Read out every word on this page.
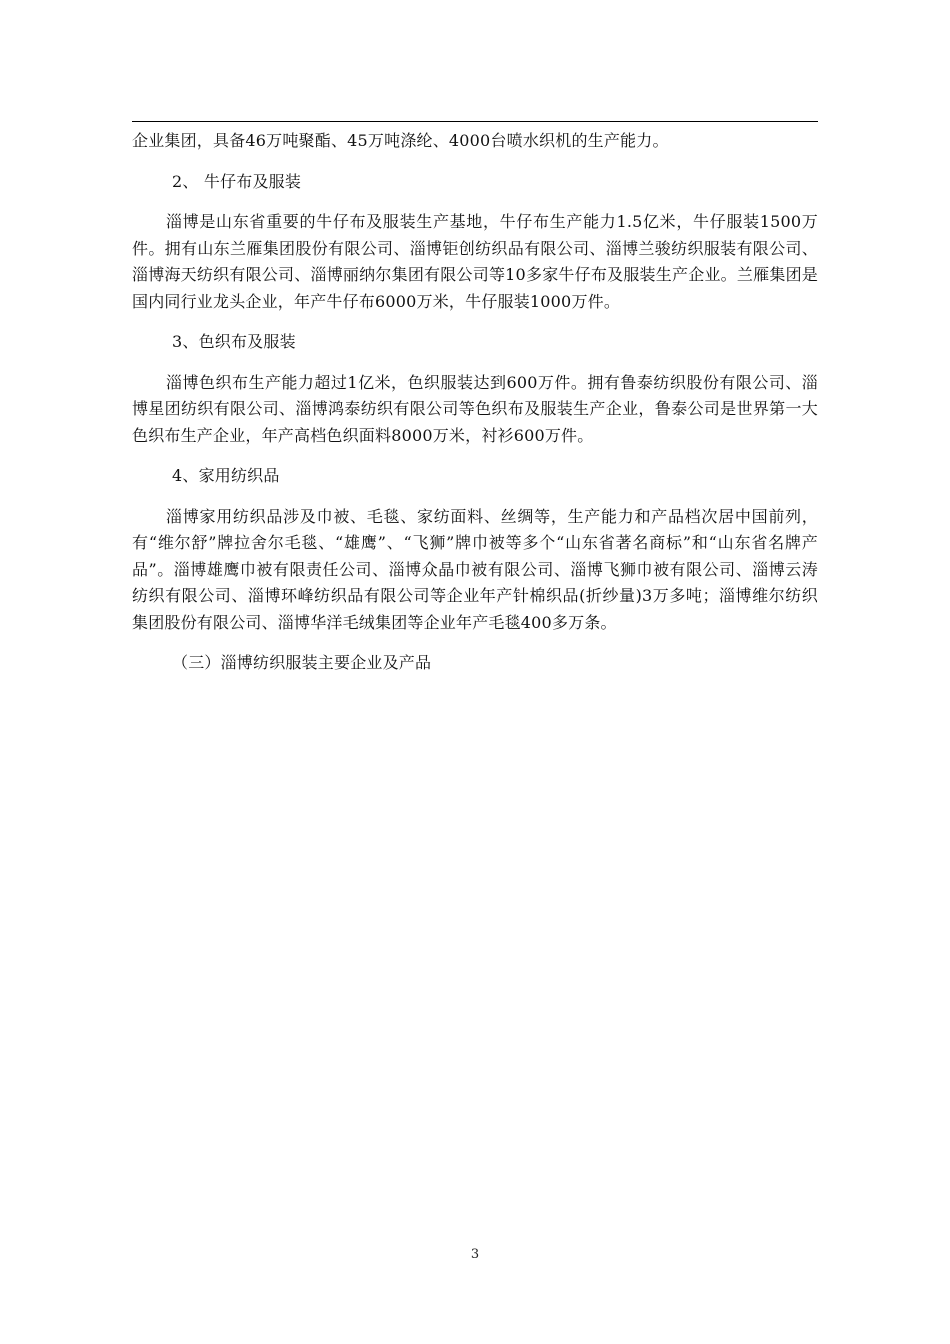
企业集团，具备46万吨聚酯、45万吨涤纶、4000台喷水织机的生产能力。

2、 牛仔布及服装

淄博是山东省重要的牛仔布及服装生产基地，牛仔布生产能力1.5亿米，牛仔服装1500万件。拥有山东兰雁集团股份有限公司、淄博钜创纺织品有限公司、淄博兰骏纺织服装有限公司、淄博海天纺织有限公司、淄博丽纳尔集团有限公司等10多家牛仔布及服装生产企业。兰雁集团是国内同行业龙头企业，年产牛仔布6000万米，牛仔服装1000万件。

3、色织布及服装

淄博色织布生产能力超过1亿米，色织服装达到600万件。拥有鲁泰纺织股份有限公司、淄博星团纺织有限公司、淄博鸿泰纺织有限公司等色织布及服装生产企业，鲁泰公司是世界第一大色织布生产企业，年产高档色织面料8000万米，衬衫600万件。

4、家用纺织品

淄博家用纺织品涉及巾被、毛毯、家纺面料、丝绸等，生产能力和产品档次居中国前列，有“维尔舒”牌拉舍尔毛毯、“雄鹰”、“飞狮”牌巾被等多个“山东省著名商标”和“山东省名牌产品”。淄博雄鹰巾被有限责任公司、淄博众晶巾被有限公司、淄博飞狮巾被有限公司、淄博云涛纺织有限公司、淄博环峰纺织品有限公司等企业年产针棉织品(折纱量)3万多吨；淄博维尔纺织集团股份有限公司、淄博华洋毛绒集团等企业年产毛毯400多万条。

（三）淄博纺织服装主要企业及产品

3
